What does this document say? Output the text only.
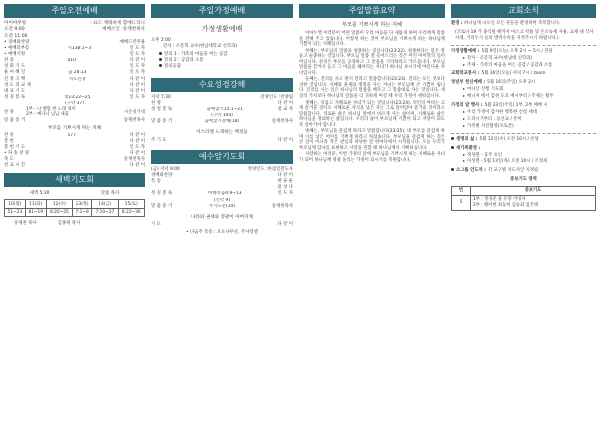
주일오전예배
아이마무창
오전 9:00
오전 11:00
· 표드 재래하게 합예드리니
에베소인 :송재천목사
• 경배와찬양	예배드린무용
• 예배의부름	시138:1~3	인 도 자
• 예배기원	인 도 자
찬 송	410	다 같 이
성 회 기 도	인 도 자
율 씨 해 일	읍 28:13	인 도 자
신 앙 고 백	사도신경	다 같 이
성 도 의 교 제	다 같 이
대 표 기 도	다 같 이
성 경 봉 독	창23:22~25	인 도 자
(구약 37)
찬 양
1부 : 나 행할 한 노래 경이
2부 : 예다니 넘님 새움
시온성가대
말 씀 증 거	송재천목사
부모를 기쁘시게 하는 지혜
찬 송	577	다 같 이
봉 헌	다 같 이
봉 헌 기 도	인 도 자
• 파 송 찬 양	다 같 이
축 도	송재천목사
친 교 시 간	다 같 이
새벽기도회
새벽 5:30	말씀 목사
10(월)	11(화)	12(수)	13(목)	14(금)	15(토)
51~23	81~19	8:20~35	7:1~9	7:10~27	8:22~36
송재천 목사		김종희 목사			
주일가정예배
가정생활예배
오후 2:00
강사 : 조문혁 교수(한남대학교 신학과)
강의 1 : 가족의 마음을 여는 공감
강의 2 : 공감과 소통
질의응답
수요성경강해
저녁 7:30	찬양인도 :찬양팀
찬 양	다 같 이
성 경 봉 독	출애굽기15:1~21	설 교 자
(구약 104)
말 씀 증 거	출애굽기강해(18)	송재천목사
이스라엘 노래하는 백성들
주 기 도	다 같 이
예수앞기도회
(금) 저녁 9:00	찬양인도 :한겸일전도사
경배와찬양	다 같 이
특 송	판 류 운
윤 상 나
성 경 봉 독	마태복음6:9~13	인 도 자
(신약 9)
말 씀 증 거	주기도문(10)	송재천목사
나라와 권세와 영광이 아버지께
기 도	다 같 이
• 다음주 특송 : 포도나무골, 주사랑셀
주일말씀요약
부모를 기쁘시게 하는 지혜

이마누엘 여러분이 어떤 말씀이 우리 마음을 다 새롭게 하며 우리에게 말씀을 전해 주고 있습니다. 이렇게 하는 것이 부모님을 기쁘시게 하는 하나님께 기쁨이 되는 지혜입니다.

첫째는, 부모님의 말씀을 청종하는 것입니다(23:22). 청종한다는 말은 잘 듣고 순종하는 것입니다. 부모님 말씀 잘 들어드리는 것은 어린 아이만의 일이 아닙니다. 성경은 부모를 공경하고 그 말씀을 기억하라고 가르칩니다. 부모님 말씀을 끝까지 듣고 그 마음을 헤아리는 자녀가 하나님 보시기에 아름다운 자녀입니다.

둘째는, 진리를 사고 팔지 말라고 말씀합니다(23:23). 진리는 모든 것보다 귀한 것입니다. 지혜와 훈계와 명철을 사는 자녀는 부모님께 큰 기쁨이 됩니다. 진리를 사는 일은 하나님의 말씀을 배우고 그 말씀대로 사는 것입니다. 세상의 가치보다 하나님의 말씀을 더 귀하게 여길 때 우리 가정이 세워집니다.

셋째는, 의롭고 지혜로운 자녀가 되는 것입니다(23:24). 의인의 아비는 크게 즐거울 것이요 지혜로운 자식을 낳은 자는 그로 말미암아 즐거울 것이라고 말씀합니다. 의로운 삶은 하나님 앞에서 바르게 사는 삶이며, 지혜로운 삶은 하나님을 경외하는 삶입니다. 우리의 삶이 부모님께 기쁨이 되고 자랑이 되도록 살아가야 합니다.

넷째는, 부모님을 즐겁게 하라고 말씀합니다(23:25). 네 부모를 즐겁게 하며 너를 낳은 어미를 기쁘게 하라고 하셨습니다. 부모님을 즐겁게 하는 것은 큰 일이 아니라 작은 관심과 따뜻한 말 한마디에서 시작됩니다. 오늘 우리가 부모님께 감사를 표현하고 사랑을 전할 때 하나님께서 기뻐하십니다.

사랑하는 여러분, 이번 가정의 달에 부모님을 기쁘시게 하는 지혜로운 자녀가 되어 하나님께 영광 돌리는 가정이 되시기를 축원합니다.

교회소식
환영 : 하나님께 나오신 모든 분들을 환영하며 축복합니다.
(코로나 19 가 종식될 때까지 마스크 착용 및 손소독제 사용, 교제 내 식사 자제, 거리두기 등의 방역수칙을 지켜주시기 바랍니다.)
가정생활예배 : 5월 9일(오늘) 오후 2시 ~ 5시 / 본당
▸ 강사 - 조문혁 교수(한남대 신학과)
▸ 주제 - 가족의 마음을 여는 공감 / 공감과 소통
교회학교봉사 : 5월 16일(오늘) 저녁 7시 / zoom
청년부 헌신예배 : 5월 16일(주일) 오후 2시
▸ 마니산 산행 기도회
▸ 매니저 에서 감천 도호 예시부터 / 주제는 활주
가정의 달 행사 : 5월 23일(주일) 1부, 2부 예배 시
▸ 우리 가정이 감사한 행복한 신청 세대
▸ 드리시기부터 : 동산교 / 흥미
▸ 가족별 사진촬영(포토존)
생명의 삶 : 5월 12일(수) 오전 10시 / 본당
새가족환영 :
▸ 정성원 - 공주 초인
▸ 이성렬 - 5월 13일(목) 오전 10시 / 조정희
소그룹 인도자 : 각 교구별 지도사안 지정됨
중보기도 영역
번	중보기도
5	1부 : 정경준 중 유향 이영자
2부 : 황미현 최동희 김승회 임건택
